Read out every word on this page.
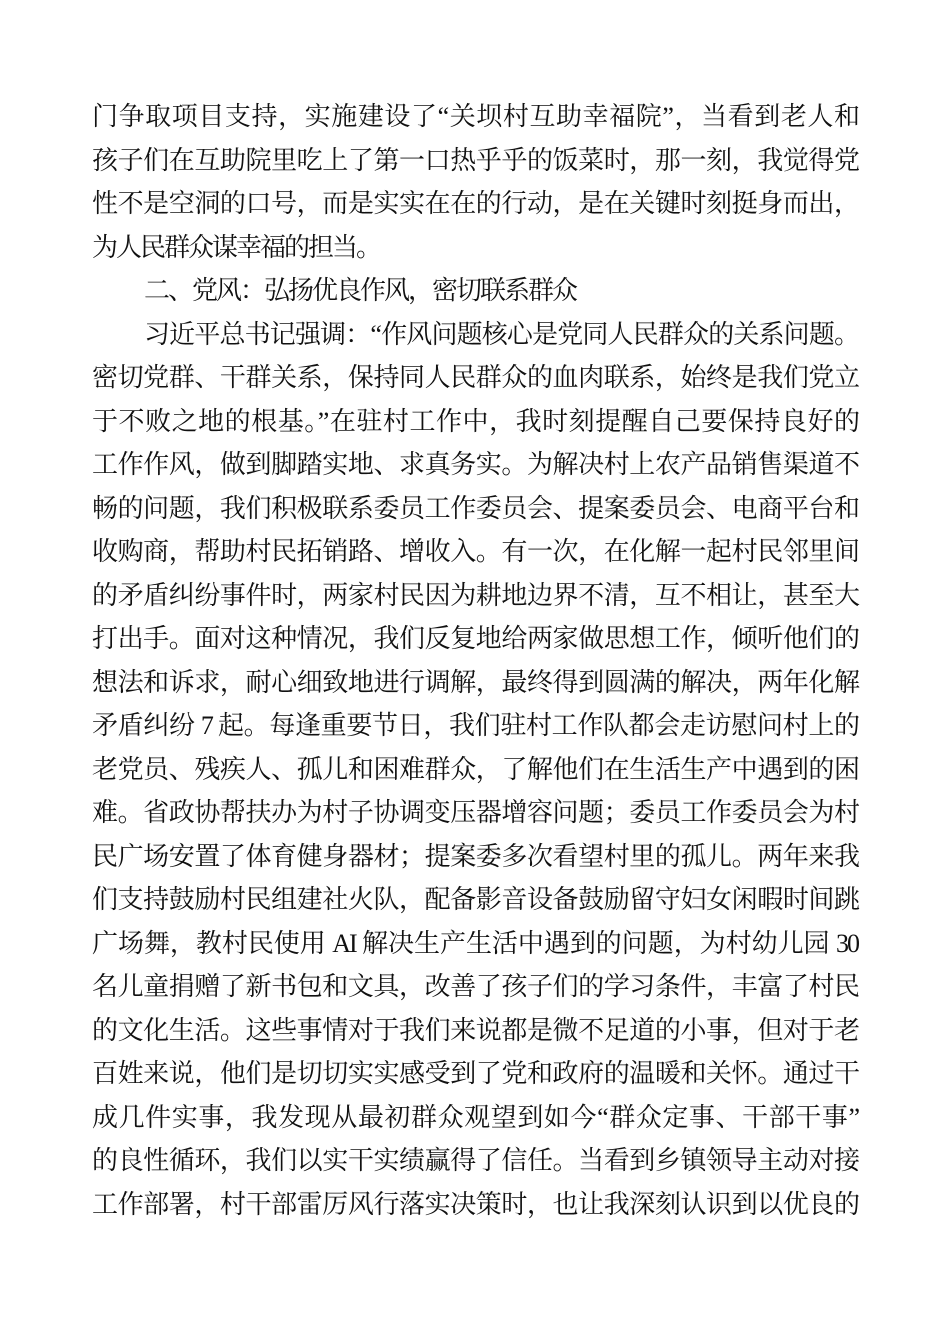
门争取项目支持，实施建设了“关坝村互助幸福院”，当看到老人和
孩子们在互助院里吃上了第一口热乎乎的饭菜时，那一刻，我觉得党
性不是空洞的口号，而是实实在在的行动，是在关键时刻挺身而出，
为人民群众谋幸福的担当。
二、党风：弘扬优良作风，密切联系群众
习近平总书记强调：“作风问题核心是党同人民群众的关系问题。
密切党群、干群关系，保持同人民群众的血肉联系，始终是我们党立
于不败之地的根基。”在驻村工作中，我时刻提醒自己要保持良好的
工作作风，做到脚踏实地、求真务实。为解决村上农产品销售渠道不
畅的问题，我们积极联系委员工作委员会、提案委员会、电商平台和
收购商，帮助村民拓销路、增收入。有一次，在化解一起村民邻里间
的矛盾纠纷事件时，两家村民因为耕地边界不清，互不相让，甚至大
打出手。面对这种情况，我们反复地给两家做思想工作，倾听他们的
想法和诉求，耐心细致地进行调解，最终得到圆满的解决，两年化解
矛盾纠纷 7 起。每逢重要节日，我们驻村工作队都会走访慰问村上的
老党员、残疾人、孤儿和困难群众，了解他们在生活生产中遇到的困
难。省政协帮扶办为村子协调变压器增容问题；委员工作委员会为村
民广场安置了体育健身器材；提案委多次看望村里的孤儿。两年来我
们支持鼓励村民组建社火队，配备影音设备鼓励留守妇女闲暇时间跳
广场舞，教村民使用 AI 解决生产生活中遇到的问题，为村幼儿园 30
名儿童捐赠了新书包和文具，改善了孩子们的学习条件，丰富了村民
的文化生活。这些事情对于我们来说都是微不足道的小事，但对于老
百姓来说，他们是切切实实感受到了党和政府的温暖和关怀。通过干
成几件实事，我发现从最初群众观望到如今“群众定事、干部干事”
的良性循环，我们以实干实绩赢得了信任。当看到乡镇领导主动对接
工作部署，村干部雷厉风行落实决策时，也让我深刻认识到以优良的
